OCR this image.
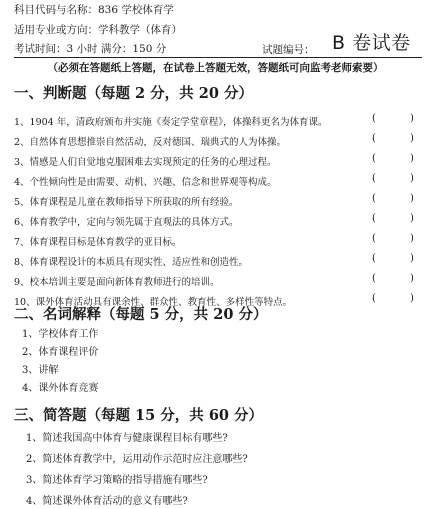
科目代码与名称：836 学校体育学
适用专业或方向：学科教学（体育）
考试时间：3 小时 满分：150 分	试题编号： B 卷试卷
（必须在答题纸上答题，在试卷上答题无效，答题纸可向监考老师索要）
一、判断题（每题 2 分，共 20 分）
1、1904 年，清政府颁布并实施《奏定学堂章程》，体操科更名为体育课。
2、自然体育思想推崇自然活动，反对德国、瑞典式的人为体操。
3、情感是人们自觉地克服困难去实现预定的任务的心理过程。
4、个性倾向性是由需要、动机、兴趣、信念和世界观等构成。
5、体育课程是儿童在教师指导下所获取的所有经验。
6、体育教学中，定向与领先属于直观法的具体方式。
7、体育课程目标是体育教学的亚目标。
8、体育课程设计的本质具有现实性、适应性和创造性。
9、校本培训主要是面向新体育教师进行的培训。
10、课外体育活动具有课余性、群众性、教育性、多样性等特点。
(	)
(	)
(	)
(	)
(	)
(	)
(	)
(	)
(	)
(	)
二、名词解释（每题 5 分，共 20 分）
1、学校体育工作
2、体育课程评价
3、讲解
4、课外体育竞赛
三、简答题（每题 15 分，共 60 分）
1、简述我国高中体育与健康课程目标有哪些?
2、简述体育教学中，运用动作示范时应注意哪些?
3、简述体育学习策略的指导措施有哪些?
4、简述课外体育活动的意义有哪些?
